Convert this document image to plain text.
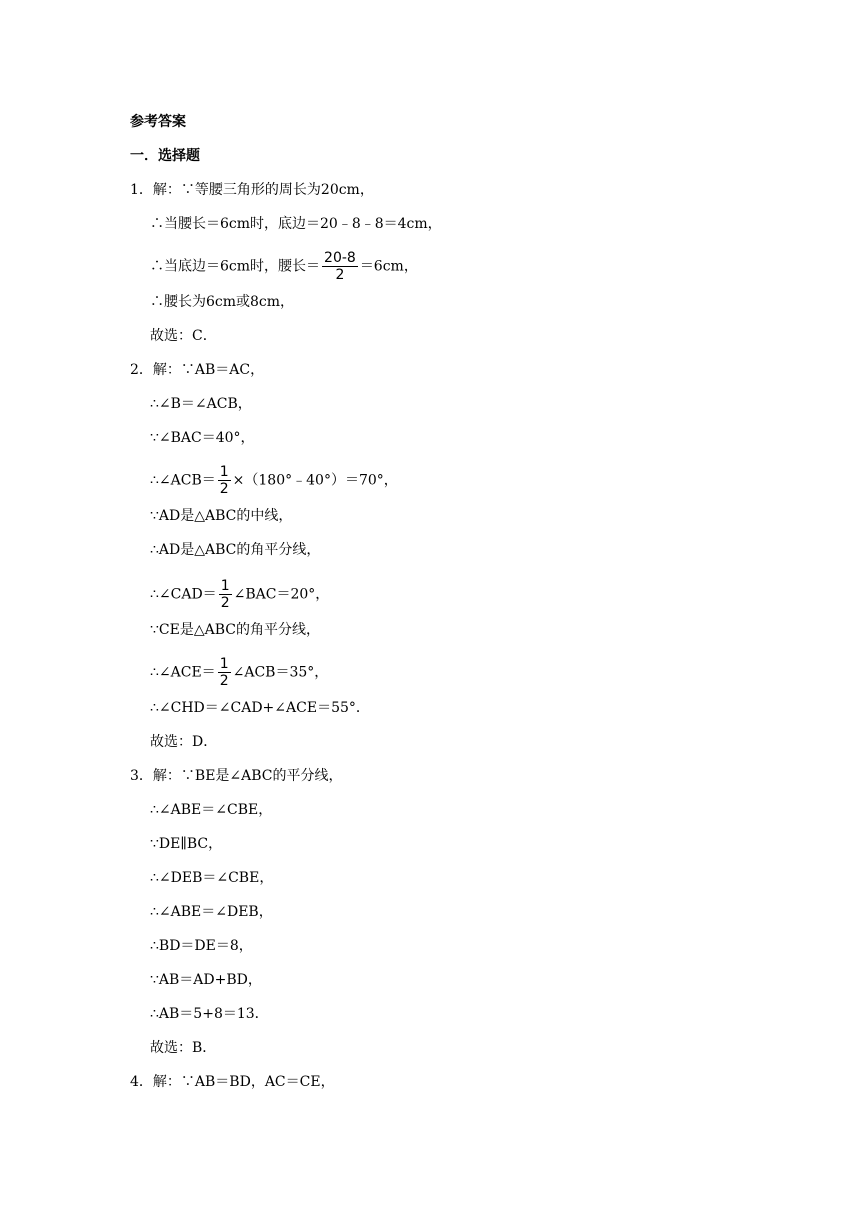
参考答案
一．选择题
1．解：∵等腰三角形的周长为20cm，
∴当腰长＝6cm时，底边＝20﹣8﹣8＝4cm，
∴当底边＝6cm时，腰长＝ $\frac{20-8}{2} =6cm$，
∴腰长为6cm或8cm，
故选：C．
2．解：∵AB＝AC，
∴∠B＝∠ACB，
∵∠BAC＝40°，
∴∠ACB＝ $\frac{1}{2}$ ×（180°﹣40°）＝70°，
∵AD是△ABC的中线，
∴AD是△ABC的角平分线，
∴∠CAD＝ $\frac{1}{2}$ ∠BAC＝20°，
∵CE是△ABC的角平分线，
∴∠ACE＝ $\frac{1}{2}$ ∠ACB＝35°，
∴∠CHD＝∠CAD+∠ACE＝55°．
故选：D．
3．解：∵BE是∠ABC的平分线，
∴∠ABE＝∠CBE，
∵DE∥BC，
∴∠DEB＝∠CBE，
∴∠ABE＝∠DEB，
∴BD＝DE＝8，
∵AB＝AD+BD，
∴AB＝5+8＝13．
故选：B．
4．解：∵AB＝BD，AC＝CE，
